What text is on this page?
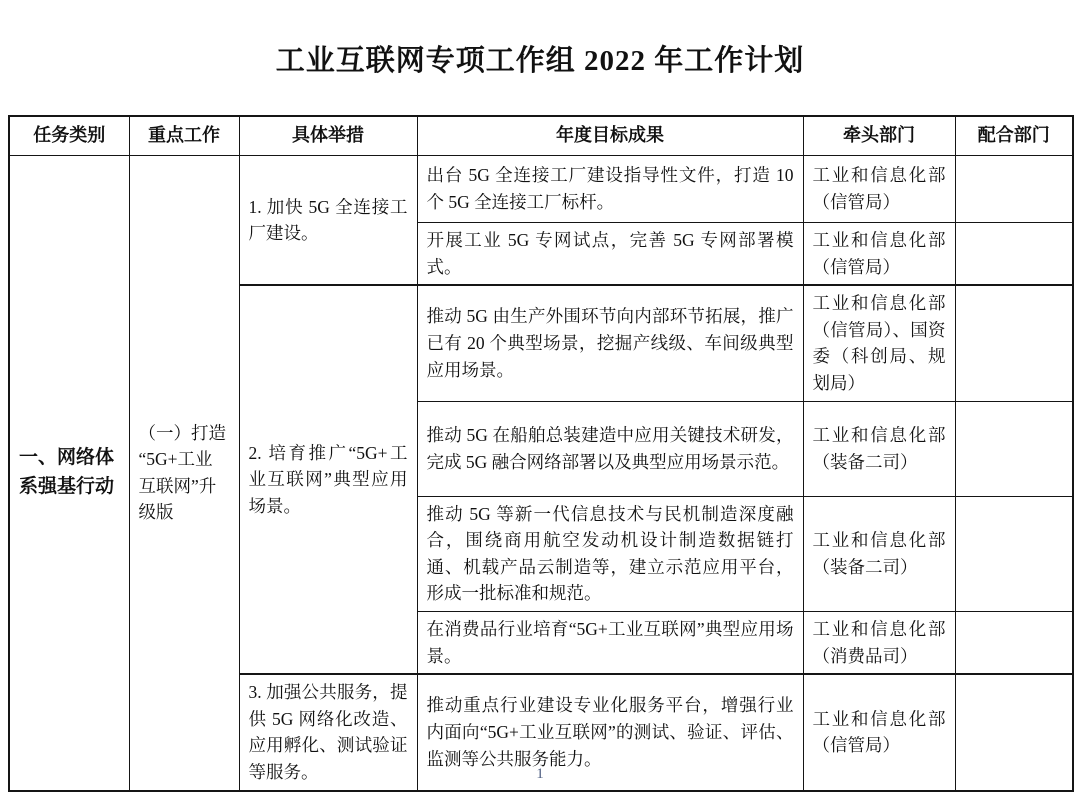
工业互联网专项工作组 2022 年工作计划
任务类别	重点工作	具体举措	年度目标成果	牵头部门	配合部门
一、网络体系强基行动	（一）打造“5G+工业互联网”升级版	1. 加快 5G 全连接工厂建设。	出台 5G 全连接工厂建设指导性文件，打造 10 个 5G 全连接工厂标杆。	工业和信息化部（信管局）	
			开展工业 5G 专网试点，完善 5G 专网部署模式。	工业和信息化部（信管局）	
		2. 培育推广“5G+工业互联网”典型应用场景。	推动 5G 由生产外围环节向内部环节拓展，推广已有 20 个典型场景，挖掘产线级、车间级典型应用场景。	工业和信息化部（信管局）、国资委（科创局、规划局）	
			推动 5G 在船舶总装建造中应用关键技术研发，完成 5G 融合网络部署以及典型应用场景示范。	工业和信息化部（装备二司）	
			推动 5G 等新一代信息技术与民机制造深度融合，围绕商用航空发动机设计制造数据链打通、机载产品云制造等，建立示范应用平台，形成一批标准和规范。	工业和信息化部（装备二司）	
			在消费品行业培育“5G+工业互联网”典型应用场景。	工业和信息化部（消费品司）	
		3. 加强公共服务，提供 5G 网络化改造、应用孵化、测试验证等服务。	推动重点行业建设专业化服务平台，增强行业内面向“5G+工业互联网”的测试、验证、评估、监测等公共服务能力。	工业和信息化部（信管局）	
1
